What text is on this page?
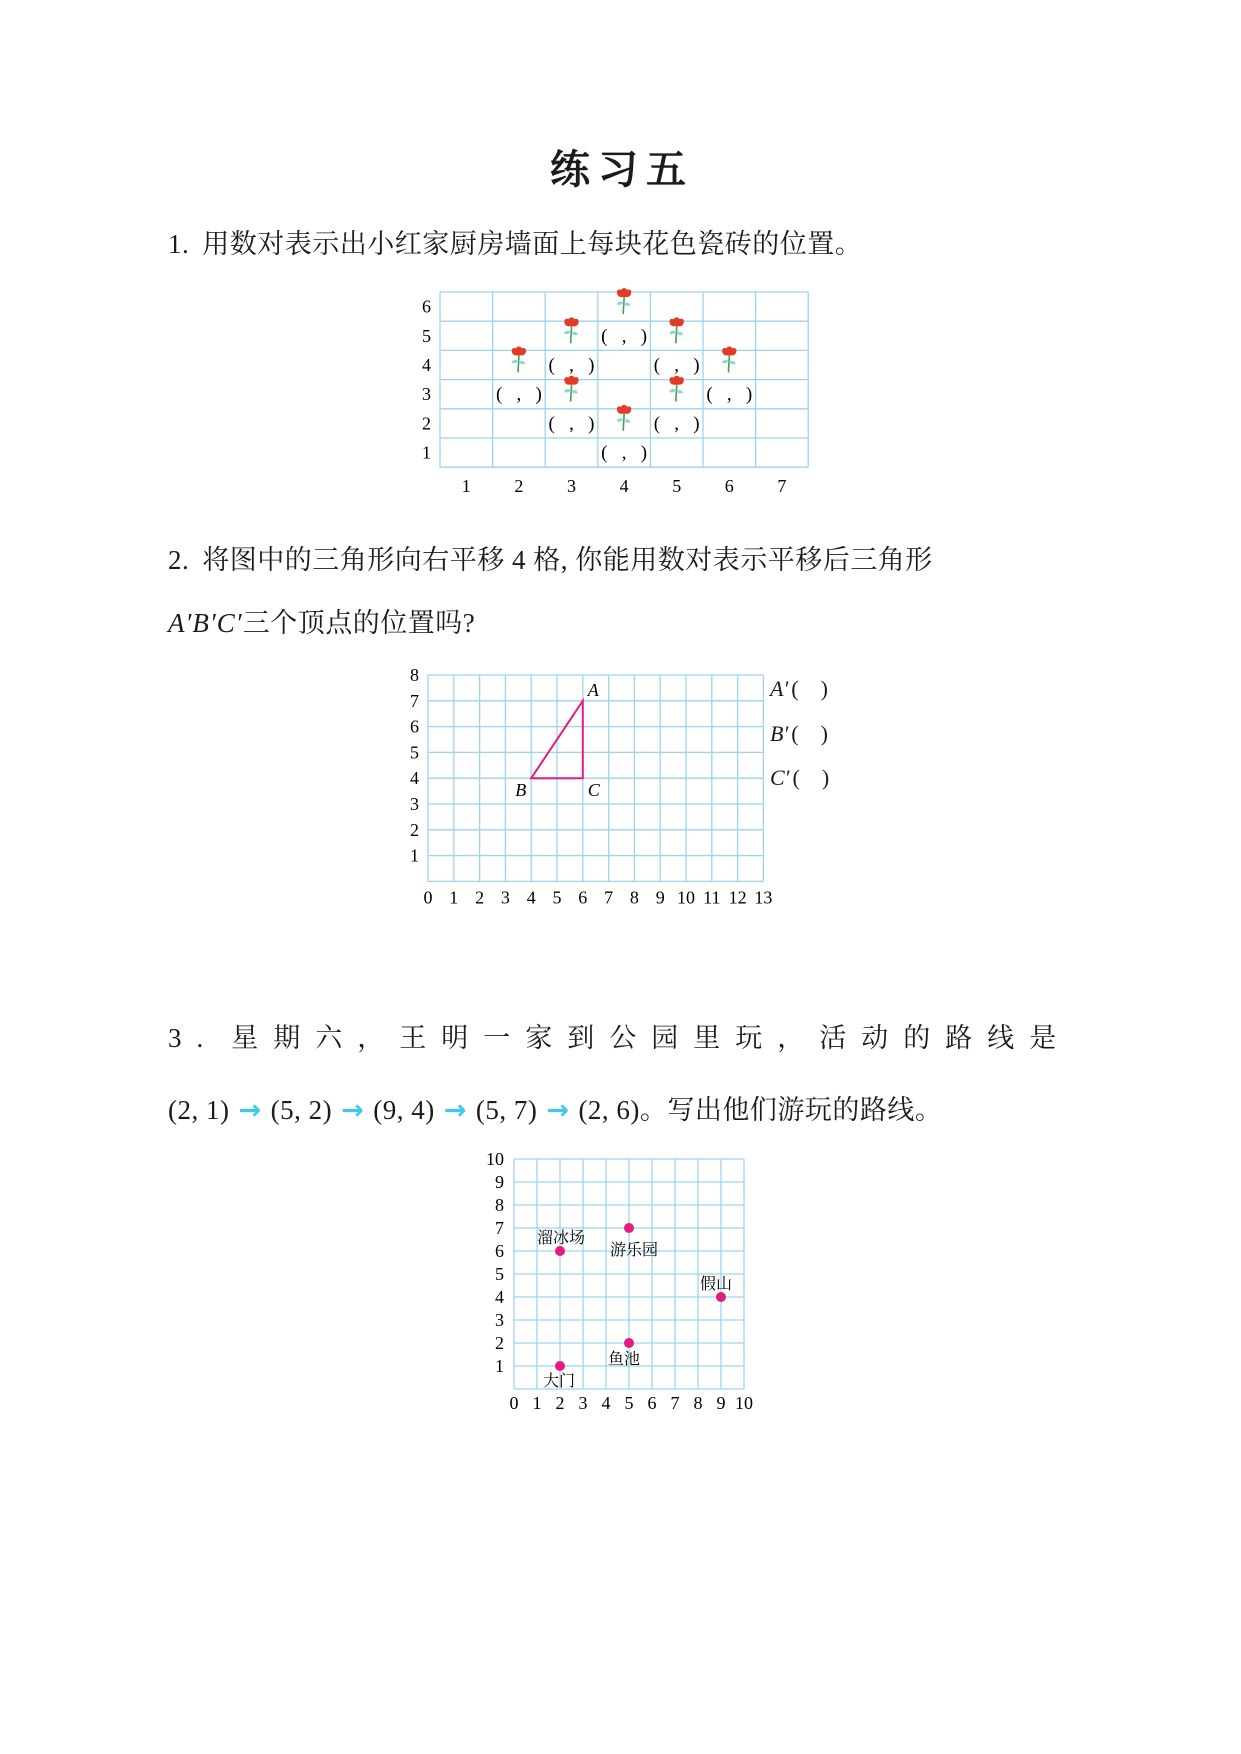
练习五

1. 用数对表示出小红家厨房墙面上每块花色瓷砖的位置。

6
5
4
3
2
1
1 2 3 4 5 6 7
(   ,   )
(   ,   )	(   ,   )
(   ,   )	(   ,   )
(   ,   )	(   ,   )
(   ,   )

2. 将图中的三角形向右平移 4 格, 你能用数对表示平移后三角形

A′B′C′三个顶点的位置吗?

8
7
6
5
4
3
2
1
0 1 2 3 4 5 6 7 8 9 10 11 12 13
A
B	C
A′ (    )
B′ (    )
C′ (    )

3. 星期六，王明一家到公园里玩，活动的路线是

(2, 1) → (5, 2) → (9, 4) → (5, 7) → (2, 6)。写出他们游玩的路线。

10
9
8
7
6
5
4
3
2
1
0 1 2 3 4 5 6 7 8 9 10
大门
鱼池
假山
游乐园
溜冰场
